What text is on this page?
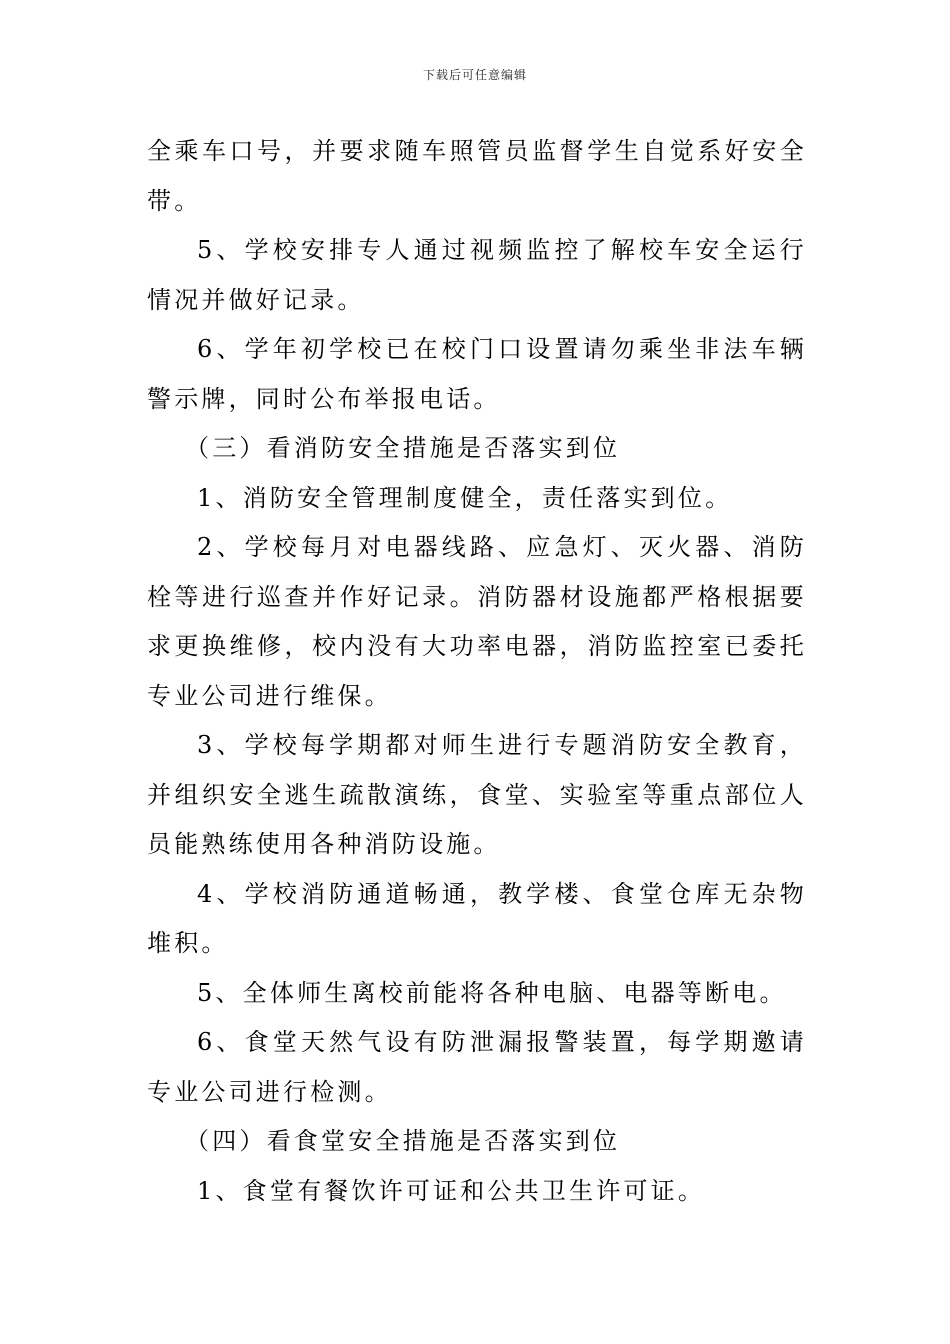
下载后可任意编辑

全乘车口号，并要求随车照管员监督学生自觉系好安全带。

5、学校安排专人通过视频监控了解校车安全运行情况并做好记录。

6、学年初学校已在校门口设置请勿乘坐非法车辆警示牌，同时公布举报电话。

（三）看消防安全措施是否落实到位

1、消防安全管理制度健全，责任落实到位。

2、学校每月对电器线路、应急灯、灭火器、消防栓等进行巡查并作好记录。消防器材设施都严格根据要求更换维修，校内没有大功率电器，消防监控室已委托专业公司进行维保。

3、学校每学期都对师生进行专题消防安全教育，并组织安全逃生疏散演练，食堂、实验室等重点部位人员能熟练使用各种消防设施。

4、学校消防通道畅通，教学楼、食堂仓库无杂物堆积。

5、全体师生离校前能将各种电脑、电器等断电。

6、食堂天然气设有防泄漏报警装置，每学期邀请专业公司进行检测。

（四）看食堂安全措施是否落实到位

1、食堂有餐饮许可证和公共卫生许可证。
